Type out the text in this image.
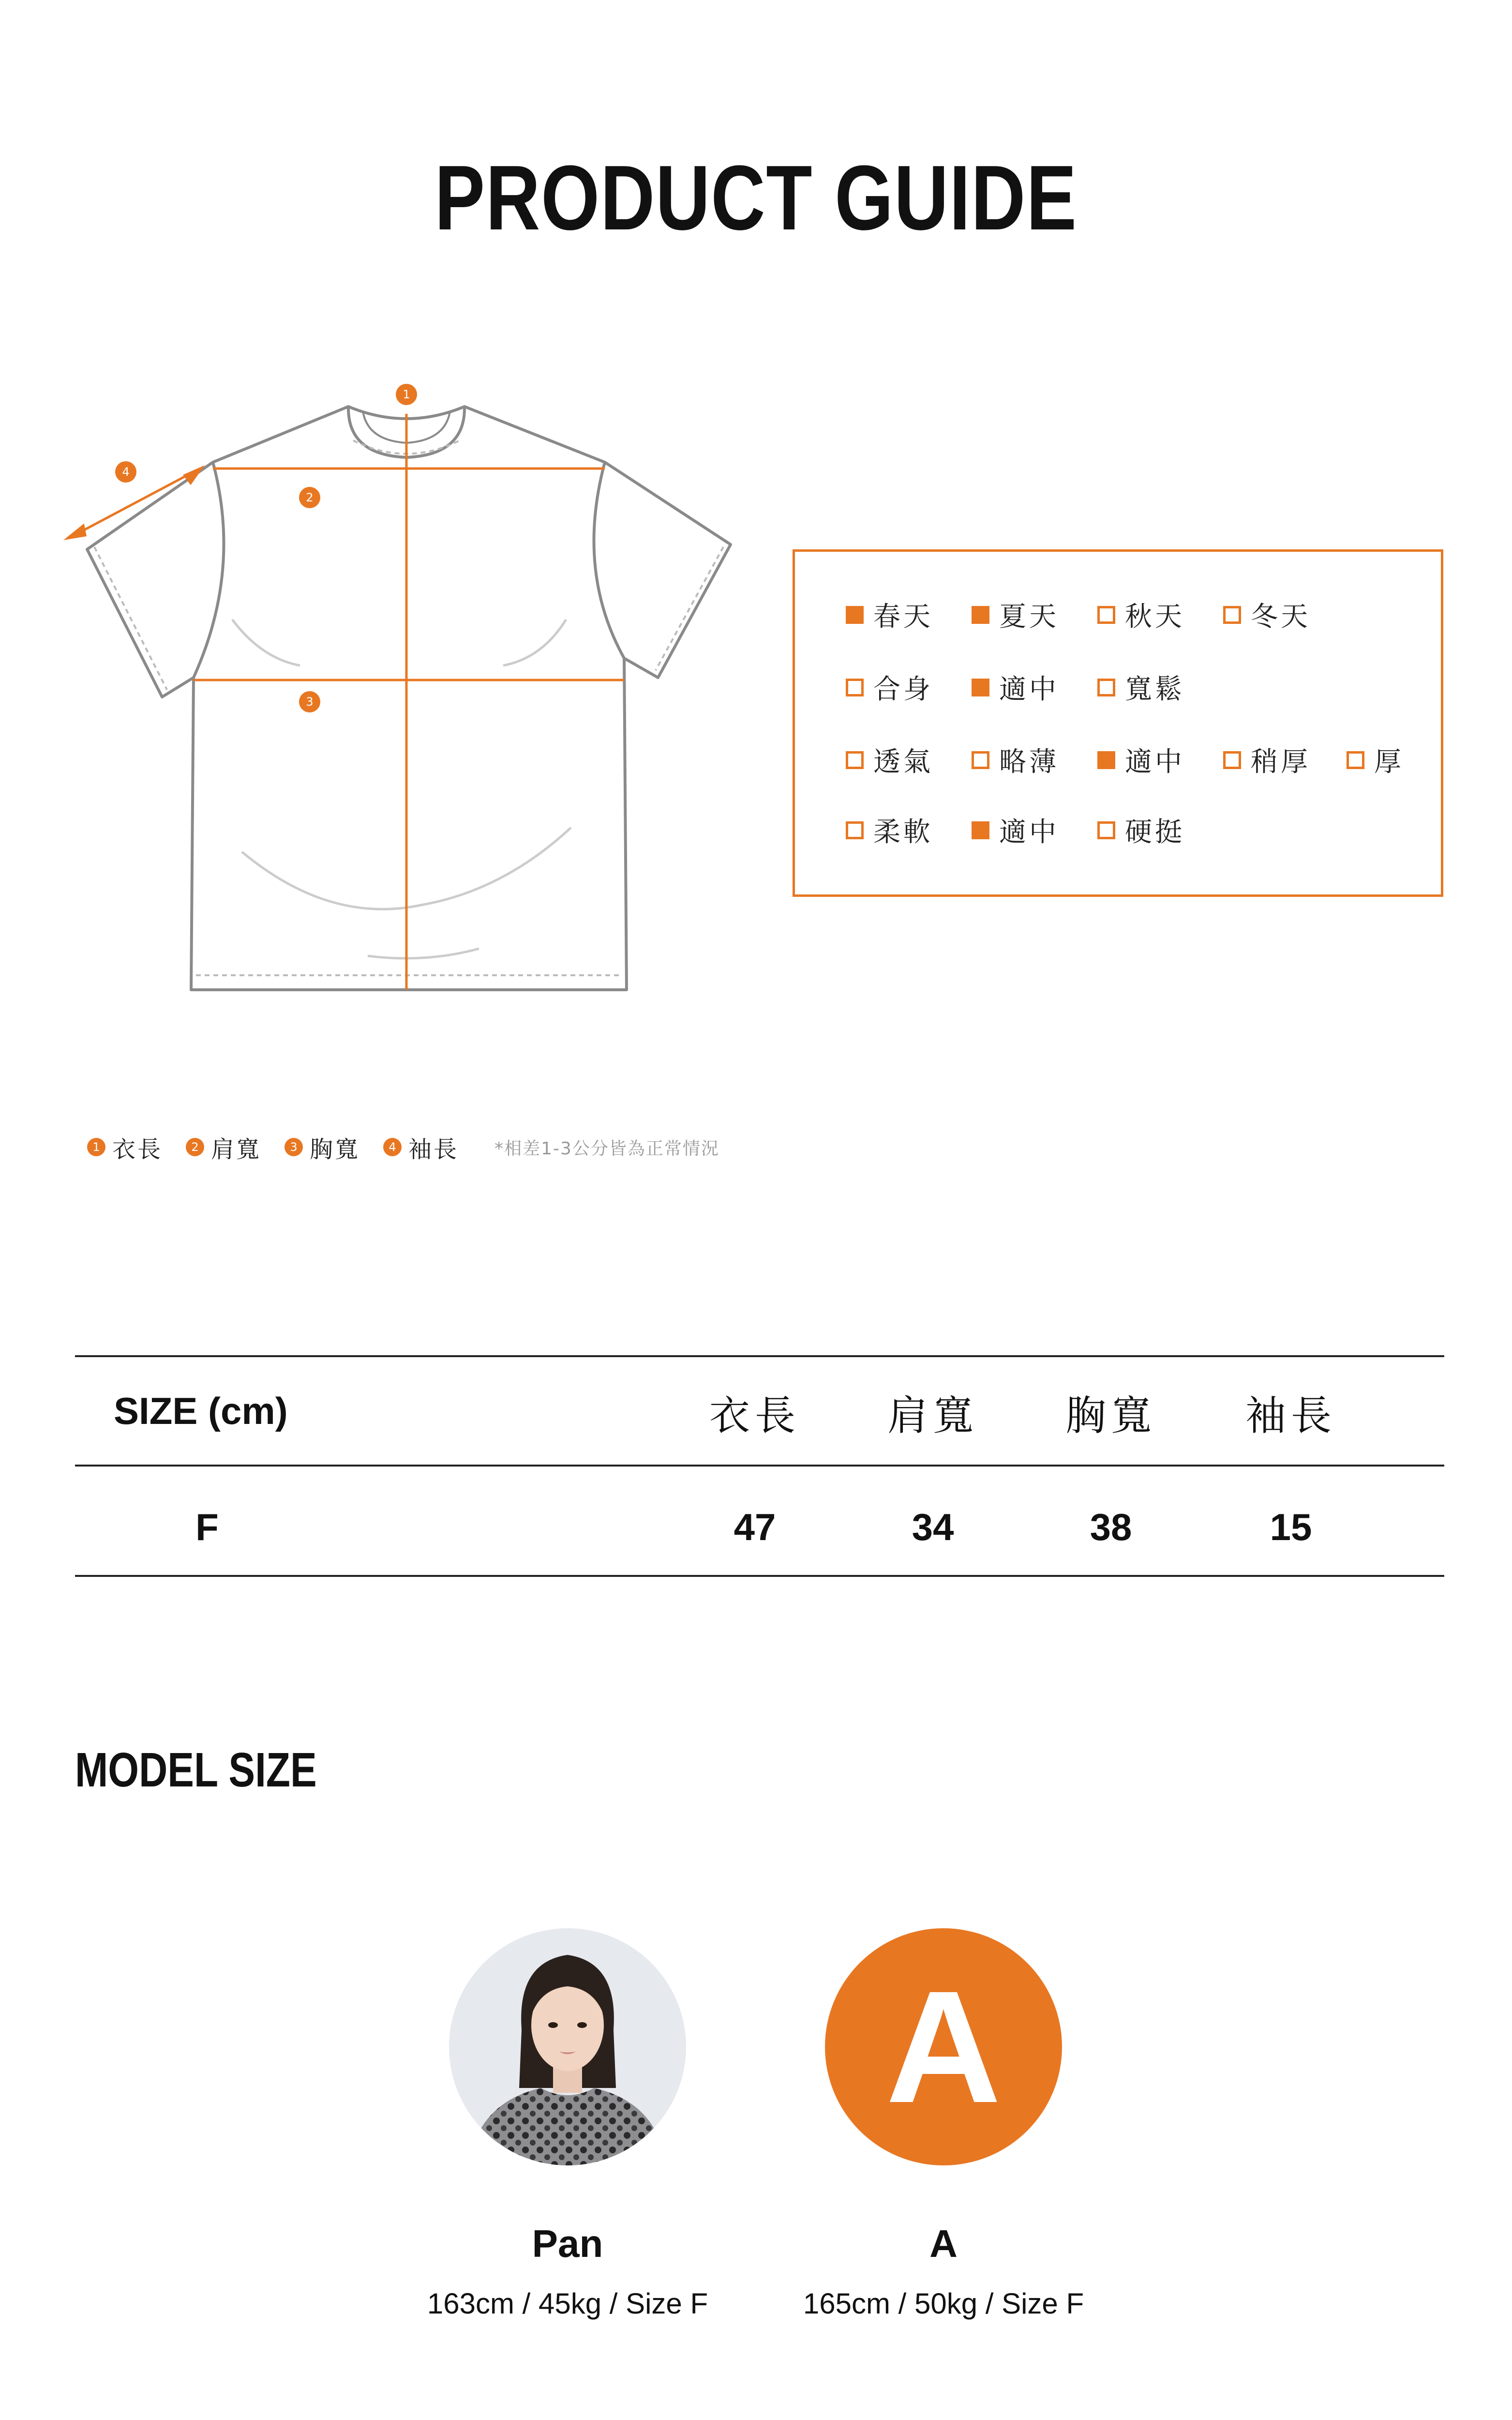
PRODUCT GUIDE
1
2
3
4
春天 夏天 秋天 冬天
合身 適中 寬鬆
透氣 略薄 適中 稍厚 厚
柔軟 適中 硬挺
1 衣長	2 肩寬	3 胸寬	4 袖長 *相差1-3公分皆為正常情況
SIZE (cm)	衣長	肩寬	胸寬	袖長
F	47	34	38	15
MODEL SIZE
A
Pan
163cm / 45kg / Size F
A
165cm / 50kg / Size F
